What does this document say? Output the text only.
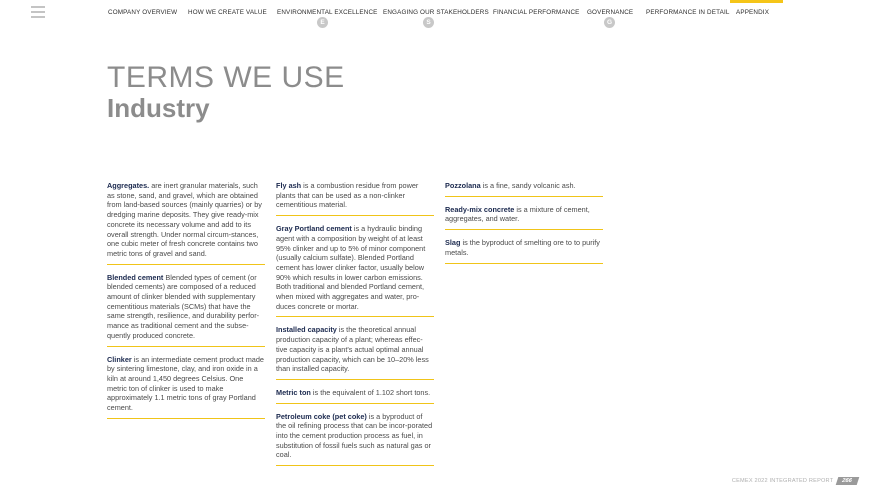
COMPANY OVERVIEW HOW WE CREATE VALUE ENVIRONMENTAL EXCELLENCE ENGAGING OUR STAKEHOLDERS FINANCIAL PERFORMANCE GOVERNANCE PERFORMANCE IN DETAIL APPENDIX
E	S	G
TERMS WE USE
Industry

Aggregates. are inert granular materials, such as stone, sand, and gravel, which are obtained from land-based sources (mainly quarries) or by dredging marine deposits. They give ready-mix concrete its necessary volume and add to its overall strength. Under normal circum-stances, one cubic meter of fresh concrete contains two metric tons of gravel and sand.

Blended cement Blended types of cement (or blended cements) are composed of a reduced amount of clinker blended with supplementary cementitious materials (SCMs) that have the same strength, resilience, and durability perfor-mance as traditional cement and the subse-quently produced concrete.

Clinker is an intermediate cement product made by sintering limestone, clay, and iron oxide in a kiln at around 1,450 degrees Celsius. One metric ton of clinker is used to make approximately 1.1 metric tons of gray Portland cement.

Fly ash is a combustion residue from power plants that can be used as a non-clinker cementitious material.

Gray Portland cement is a hydraulic binding agent with a composition by weight of at least 95% clinker and up to 5% of minor component (usually calcium sulfate). Blended Portland cement has lower clinker factor, usually below 90% which results in lower carbon emissions. Both traditional and blended Portland cement, when mixed with aggregates and water, pro-duces concrete or mortar.

Installed capacity is the theoretical annual production capacity of a plant; whereas effec-tive capacity is a plant's actual optimal annual production capacity, which can be 10–20% less than installed capacity.

Metric ton is the equivalent of 1.102 short tons.

Petroleum coke (pet coke) is a byproduct of the oil refining process that can be incor-porated into the cement production process as fuel, in substitution of fossil fuels such as natural gas or coal.

Pozzolana is a fine, sandy volcanic ash.

Ready-mix concrete is a mixture of cement, aggregates, and water.

Slag is the byproduct of smelting ore to to purify metals.

CEMEX 2022 INTEGRATED REPORT	266
